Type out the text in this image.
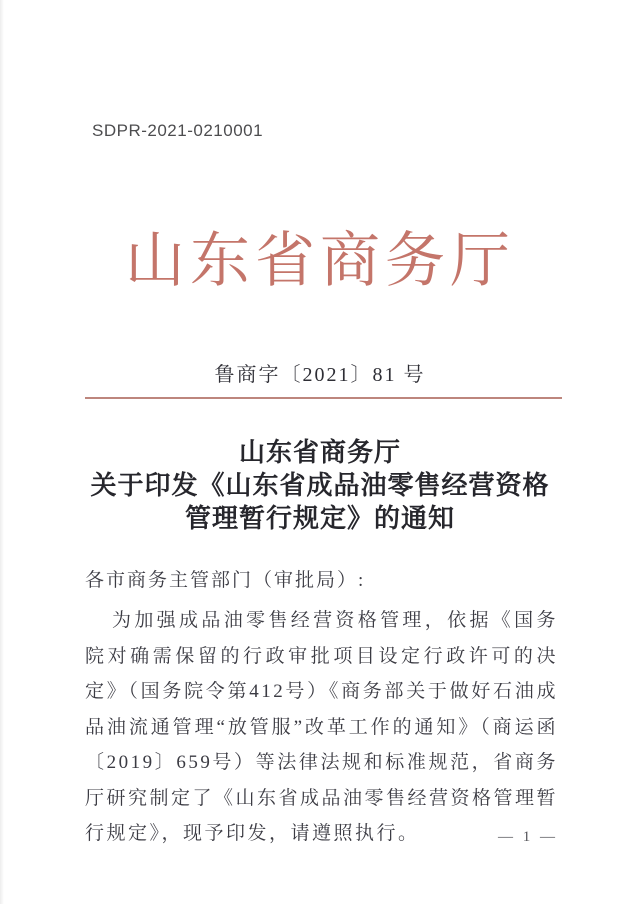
SDPR-2021-0210001
山东省商务厅
鲁商字〔2021〕81 号
山东省商务厅
关于印发《山东省成品油零售经营资格
管理暂行规定》的通知
各市商务主管部门（审批局）:
为加强成品油零售经营资格管理，依据《国务院对确需保留的行政审批项目设定行政许可的决定》（国务院令第412号）《商务部关于做好石油成品油流通管理“放管服”改革工作的通知》（商运函〔2019〕659号）等法律法规和标准规范，省商务厅研究制定了《山东省成品油零售经营资格管理暂行规定》，现予印发，请遵照执行。	— 1 —
